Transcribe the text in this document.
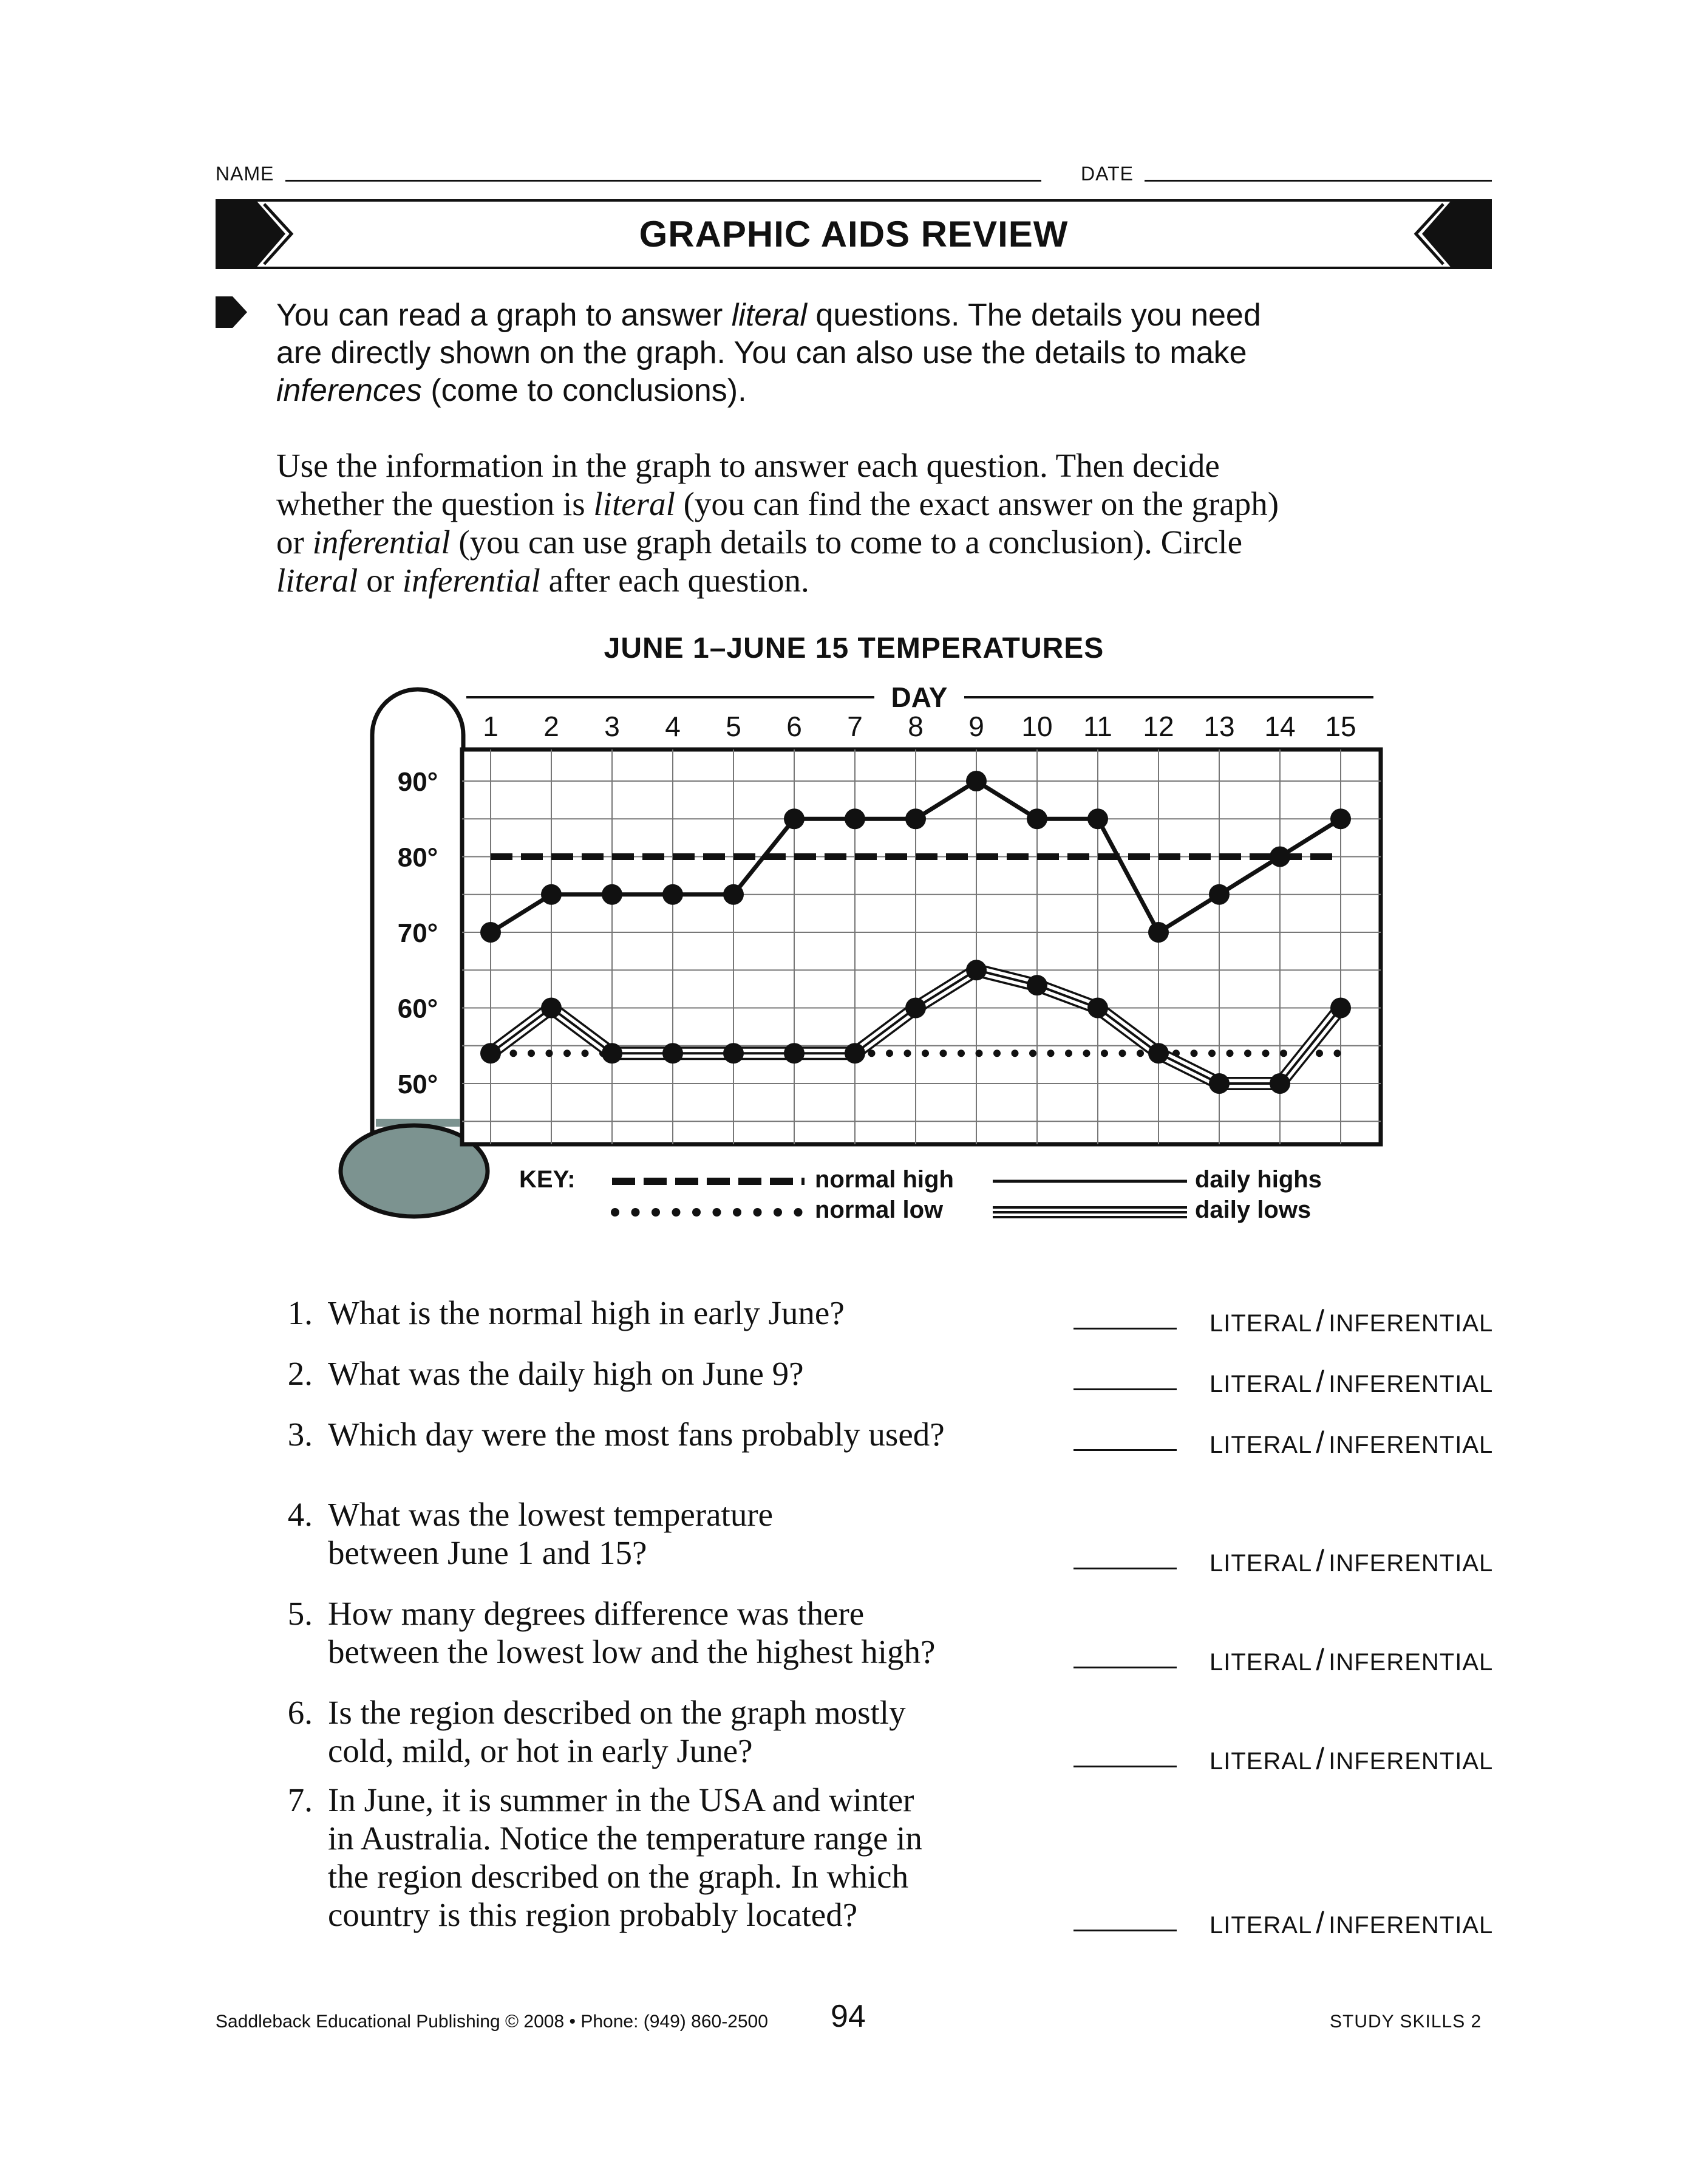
NAME	DATE
GRAPHIC AIDS REVIEW

You can read a graph to answer literal questions. The details you need

are directly shown on the graph. You can also use the details to make

inferences (come to conclusions).

Use the information in the graph to answer each question. Then decide

whether the question is literal (you can find the exact answer on the graph)

or inferential (you can use graph details to come to a conclusion). Circle

literal or inferential after each question.

JUNE 1–JUNE 15 TEMPERATURES
DAY
1 2 3 4 5 6 7 8 9 10 11 12 13 14 15
90°
80°
70°
60°
50°
KEY:	normal high
normal low
daily highs
daily lows
1. What is the normal high in early June?	LITERAL / INFERENTIAL
2. What was the daily high on June 9?	LITERAL / INFERENTIAL
3. Which day were the most fans probably used?	LITERAL / INFERENTIAL
4. What was the lowest temperature
between June 1 and 15?	LITERAL / INFERENTIAL
5. How many degrees difference was there
between the lowest low and the highest high?	LITERAL / INFERENTIAL
6. Is the region described on the graph mostly
cold, mild, or hot in early June?	LITERAL / INFERENTIAL
7. In June, it is summer in the USA and winter
in Australia. Notice the temperature range in
the region described on the graph. In which
country is this region probably located?	LITERAL / INFERENTIAL
Saddleback Educational Publishing © 2008 • Phone: (949) 860-2500 94	STUDY SKILLS 2
